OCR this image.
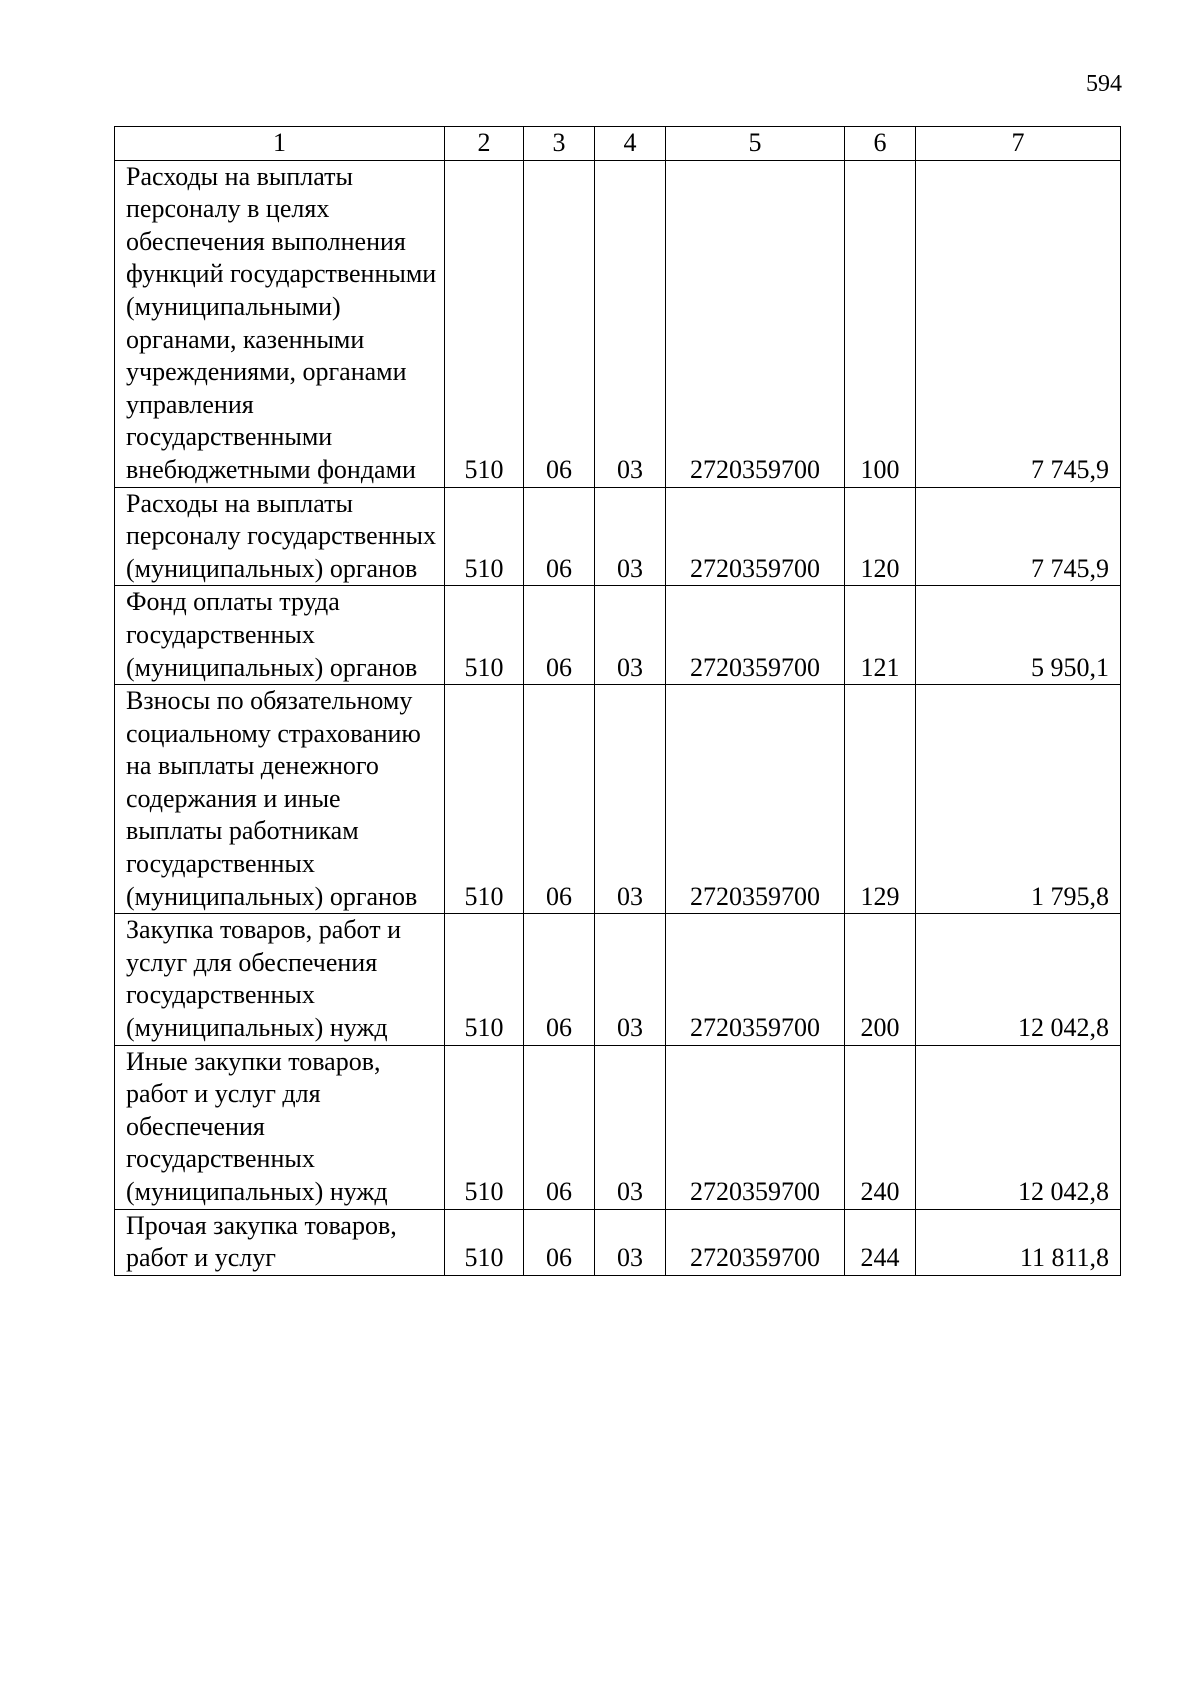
594
1	2	3	4	5	6	7
Расходы на выплаты персоналу в целях обеспечения выполнения функций государственными (муниципальными) органами, казенными учреждениями, органами управления государственными внебюджетными фондами	510	06	03	2720359700	100	7 745,9
Расходы на выплаты персоналу государственных (муниципальных) органов	510	06	03	2720359700	120	7 745,9
Фонд оплаты труда государственных (муниципальных) органов	510	06	03	2720359700	121	5 950,1
Взносы по обязательному социальному страхованию на выплаты денежного содержания и иные выплаты работникам государственных (муниципальных) органов	510	06	03	2720359700	129	1 795,8
Закупка товаров, работ и услуг для обеспечения государственных (муниципальных) нужд	510	06	03	2720359700	200	12 042,8
Иные закупки товаров, работ и услуг для обеспечения государственных (муниципальных) нужд	510	06	03	2720359700	240	12 042,8
Прочая закупка товаров, работ и услуг	510	06	03	2720359700	244	11 811,8
